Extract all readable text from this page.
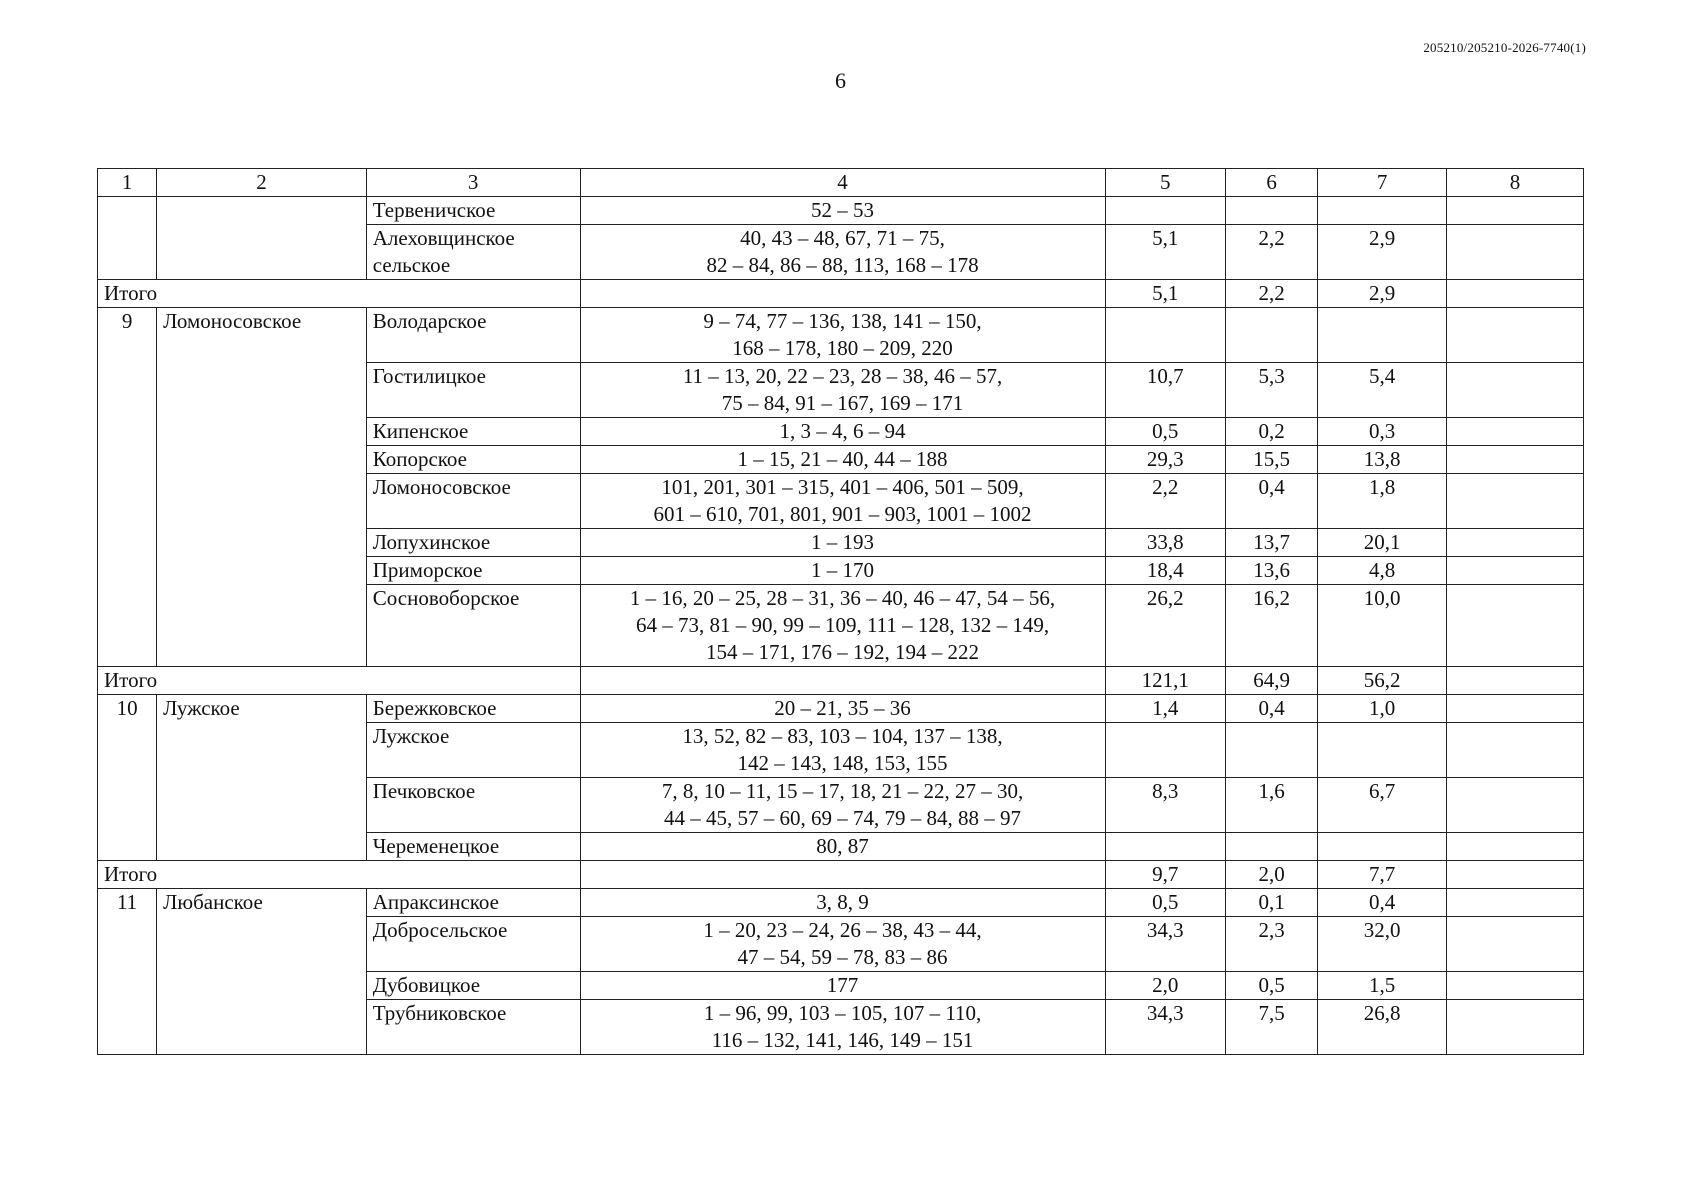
205210/205210-2026-7740(1)
6
1	2	3	4	5	6	7	8

		Тервеничское	52 – 53				

		Алеховщинское
сельское	40, 43 – 48, 67, 71 – 75,
82 – 84, 86 – 88, 113, 168 – 178	5,1	2,2	2,9	
Итого				5,1	2,2	2,9	
9	Ломоносовское	Володарское	9 – 74, 77 – 136, 138, 141 – 150,
168 – 178, 180 – 209, 220				

		Гостилицкое	11 – 13, 20, 22 – 23, 28 – 38, 46 – 57,
75 – 84, 91 – 167, 169 – 171	10,7	5,3	5,4	

		Кипенское	1, 3 – 4, 6 – 94	0,5	0,2	0,3	

		Копорское	1 – 15, 21 – 40, 44 – 188	29,3	15,5	13,8	

		Ломоносовское	101, 201, 301 – 315, 401 – 406, 501 – 509,
601 – 610, 701, 801, 901 – 903, 1001 – 1002	2,2	0,4	1,8	

		Лопухинское	1 – 193	33,8	13,7	20,1	

		Приморское	1 – 170	18,4	13,6	4,8	

		Сосновоборское	1 – 16, 20 – 25, 28 – 31, 36 – 40, 46 – 47, 54 – 56,
64 – 73, 81 – 90, 99 – 109, 111 – 128, 132 – 149,
154 – 171, 176 – 192, 194 – 222	26,2	16,2	10,0	
Итого				121,1	64,9	56,2	
10	Лужское	Бережковское	20 – 21, 35 – 36	1,4	0,4	1,0	

		Лужское	13, 52, 82 – 83, 103 – 104, 137 – 138,
142 – 143, 148, 153, 155				

		Печковское	7, 8, 10 – 11, 15 – 17, 18, 21 – 22, 27 – 30,
44 – 45, 57 – 60, 69 – 74, 79 – 84, 88 – 97	8,3	1,6	6,7	

		Череменецкое	80, 87				

Итого				9,7	2,0	7,7	
11	Любанское	Апраксинское	3, 8, 9	0,5	0,1	0,4	

		Добросельское	1 – 20, 23 – 24, 26 – 38, 43 – 44,
47 – 54, 59 – 78, 83 – 86	34,3	2,3	32,0	

		Дубовицкое	177	2,0	0,5	1,5	

		Трубниковское	1 – 96, 99, 103 – 105, 107 – 110,
116 – 132, 141, 146, 149 – 151	34,3	7,5	26,8	
